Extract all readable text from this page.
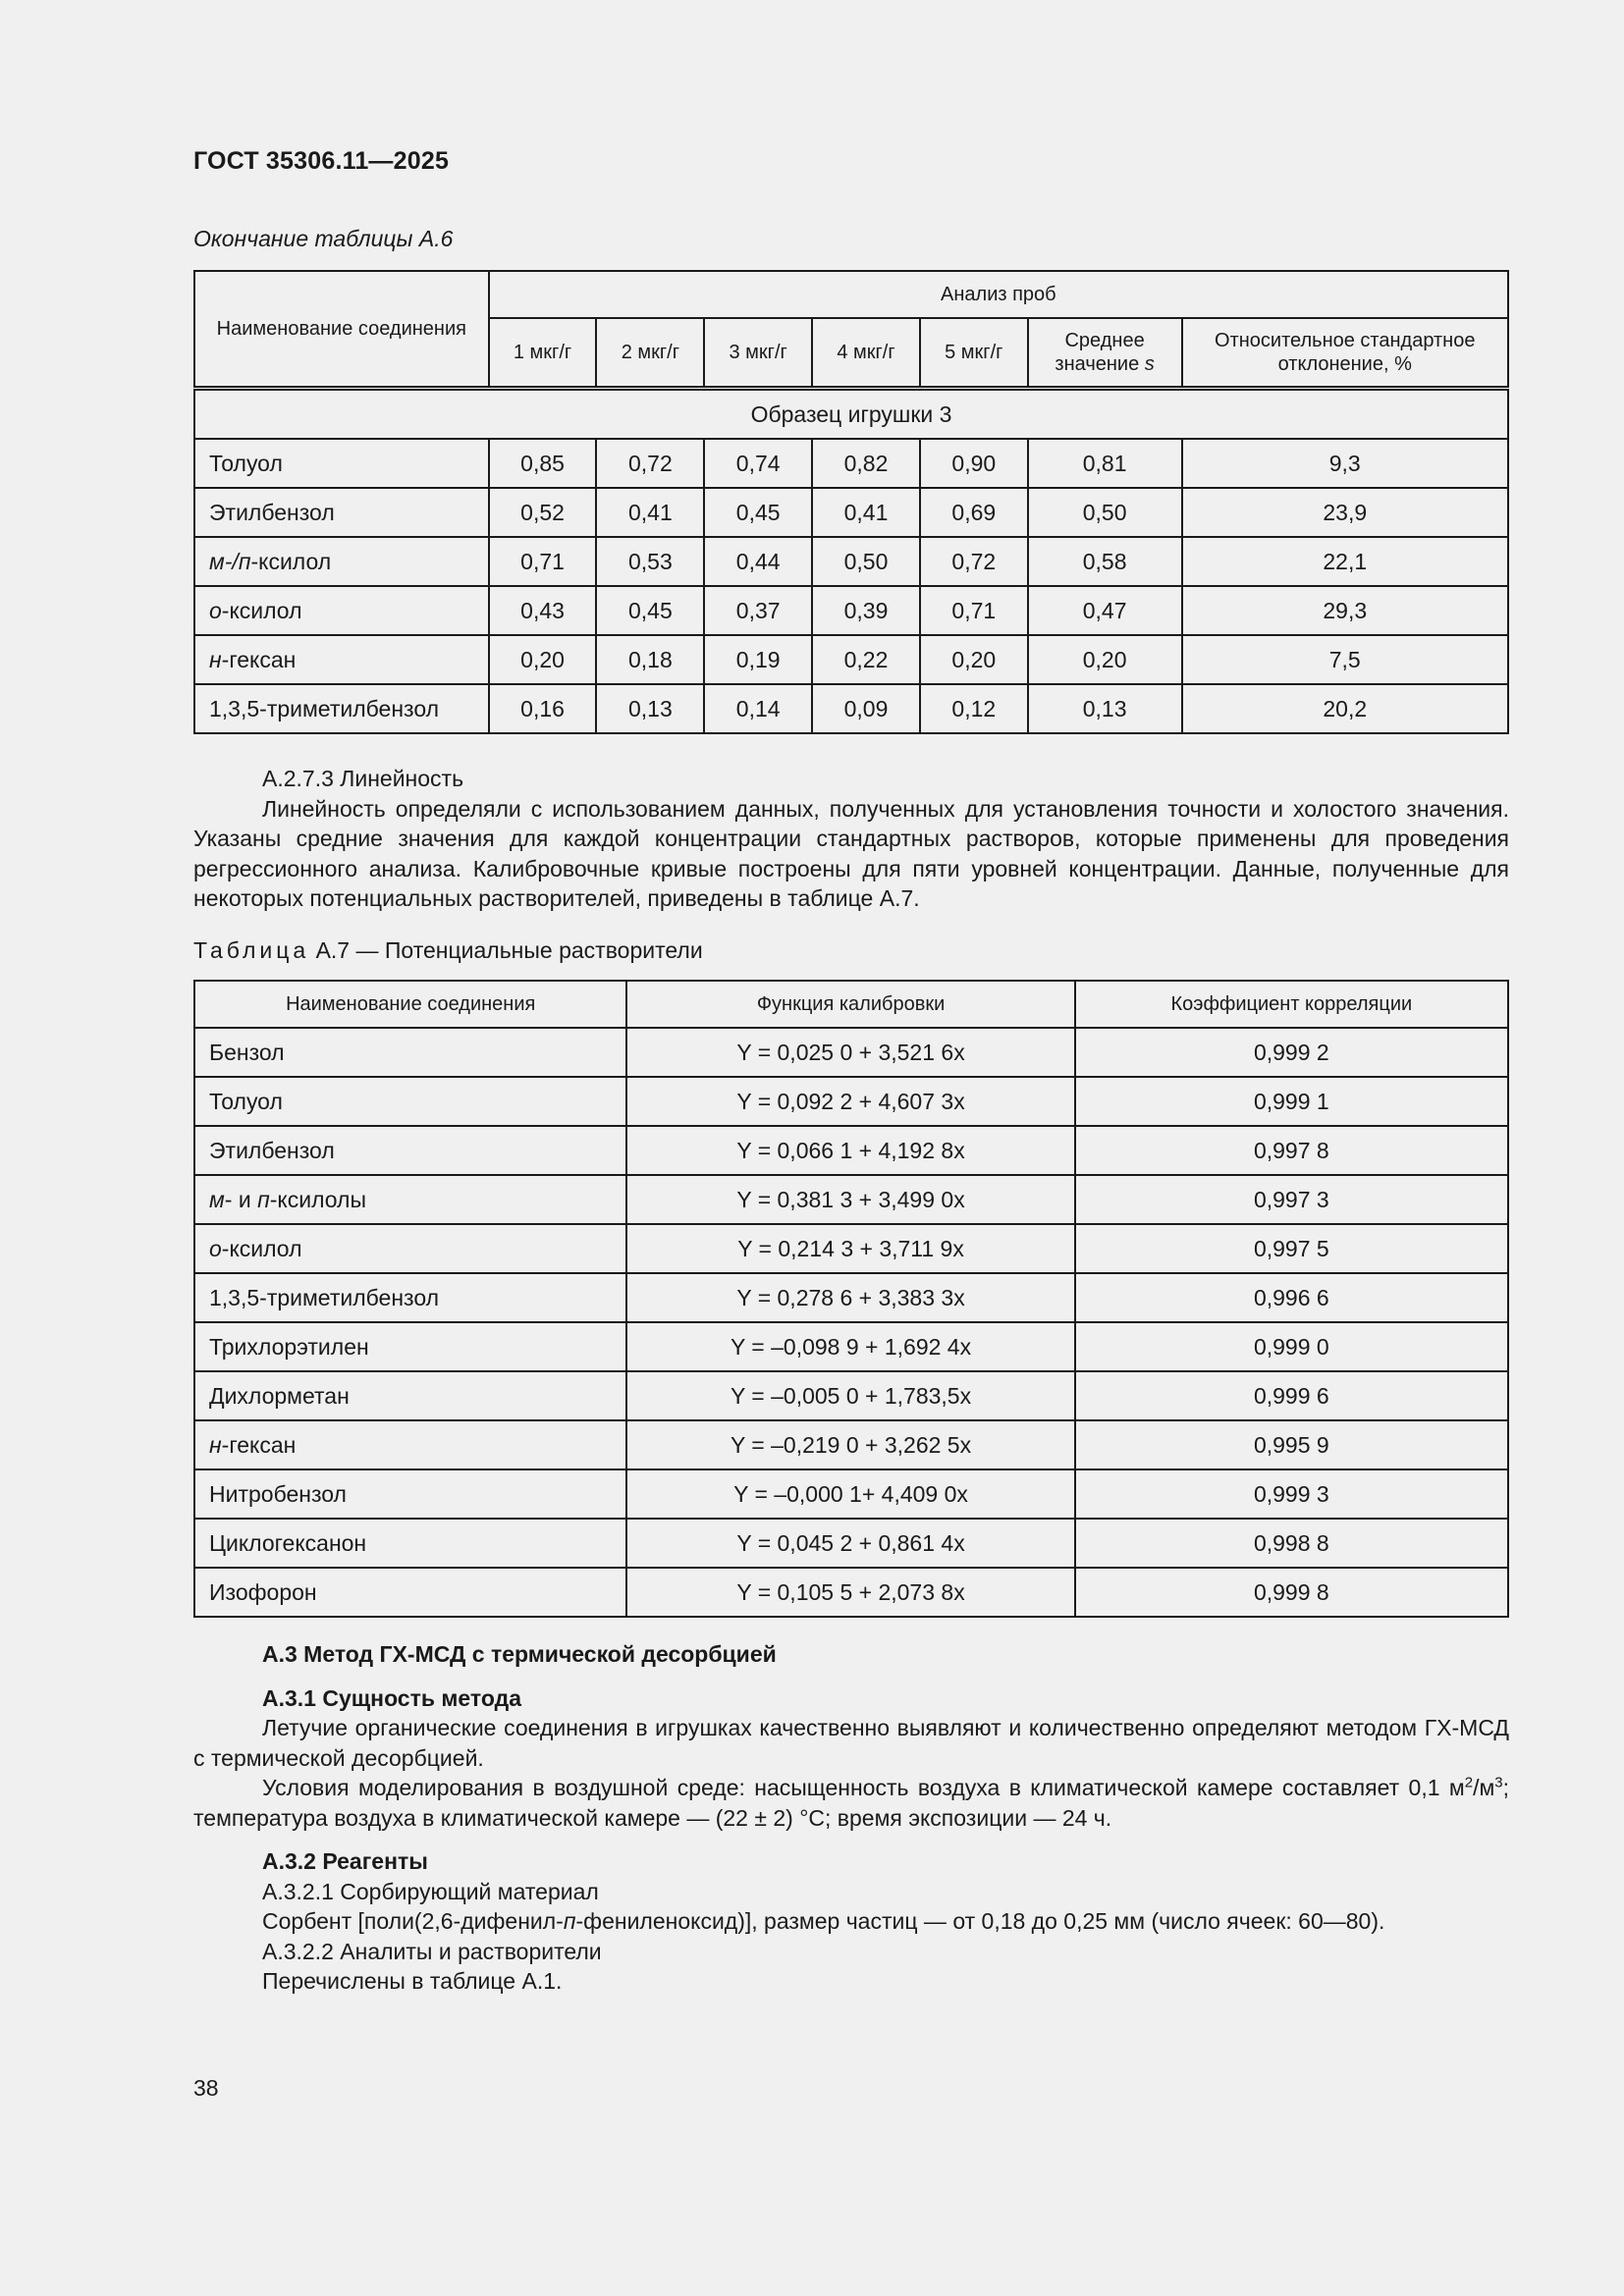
ГОСТ 35306.11—2025
Окончание таблицы А.6
Наименование соединения	Анализ проб						
	1 мкг/г	2 мкг/г	3 мкг/г	4 мкг/г	5 мкг/г	Среднее значение s	Относительное стандартное отклонение, %
Образец игрушки 3							
Толуол	0,85	0,72	0,74	0,82	0,90	0,81	9,3
Этилбензол	0,52	0,41	0,45	0,41	0,69	0,50	23,9
м-/п-ксилол	0,71	0,53	0,44	0,50	0,72	0,58	22,1
о-ксилол	0,43	0,45	0,37	0,39	0,71	0,47	29,3
н-гексан	0,20	0,18	0,19	0,22	0,20	0,20	7,5
1,3,5-триметилбензол	0,16	0,13	0,14	0,09	0,12	0,13	20,2
А.2.7.3 Линейность
Линейность определяли с использованием данных, полученных для установления точности и холостого значения. Указаны средние значения для каждой концентрации стандартных растворов, которые применены для проведения регрессионного анализа. Калибровочные кривые построены для пяти уровней концентрации. Данные, полученные для некоторых потенциальных растворителей, приведены в таблице А.7.
Таблица А.7 — Потенциальные растворители
Наименование соединения	Функция калибровки	Коэффициент корреляции
Бензол	Y = 0,025 0 + 3,521 6x	0,999 2
Толуол	Y = 0,092 2 + 4,607 3x	0,999 1
Этилбензол	Y = 0,066 1 + 4,192 8x	0,997 8
м- и п-ксилолы	Y = 0,381 3 + 3,499 0x	0,997 3
о-ксилол	Y = 0,214 3 + 3,711 9x	0,997 5
1,3,5-триметилбензол	Y = 0,278 6 + 3,383 3x	0,996 6
Трихлорэтилен	Y = –0,098 9 + 1,692 4x	0,999 0
Дихлорметан	Y = –0,005 0 + 1,783,5x	0,999 6
н-гексан	Y = –0,219 0 + 3,262 5x	0,995 9
Нитробензол	Y = –0,000 1+ 4,409 0x	0,999 3
Циклогексанон	Y = 0,045 2 + 0,861 4x	0,998 8
Изофорон	Y = 0,105 5 + 2,073 8x	0,999 8
А.3 Метод ГХ-МСД с термической десорбцией
А.3.1 Сущность метода
Летучие органические соединения в игрушках качественно выявляют и количественно определяют методом ГХ-МСД с термической десорбцией.
Условия моделирования в воздушной среде: насыщенность воздуха в климатической камере составляет 0,1 $м^2/м^3$; температура воздуха в климатической камере — (22 ± 2) °С; время экспозиции — 24 ч.
А.3.2 Реагенты
А.3.2.1 Сорбирующий материал
Сорбент [поли(2,6-дифенил-п-фениленоксид)], размер частиц — от 0,18 до 0,25 мм (число ячеек: 60—80).
А.3.2.2 Аналиты и растворители
Перечислены в таблице А.1.
38
